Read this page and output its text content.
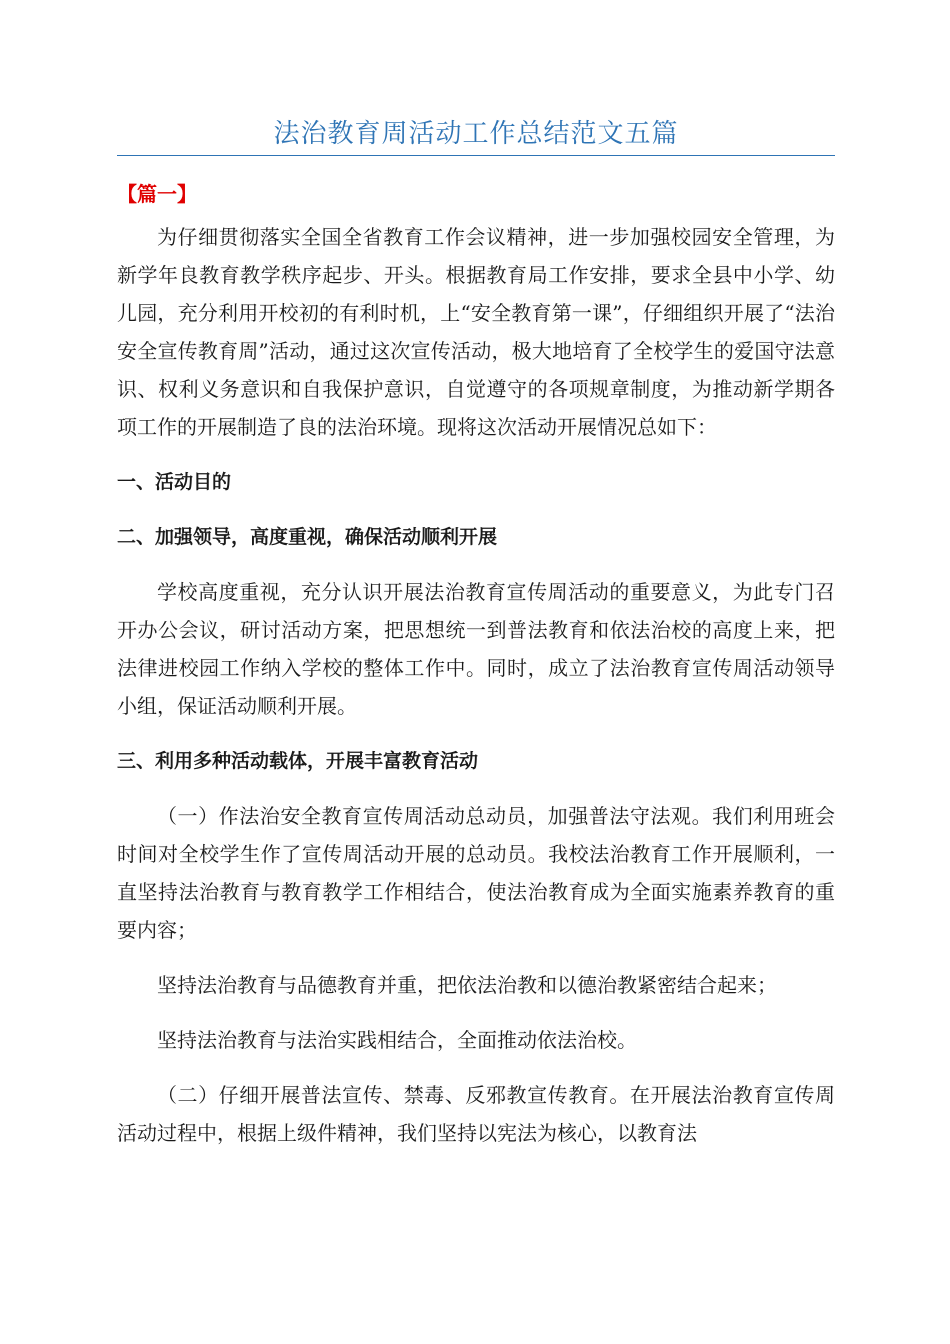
法治教育周活动工作总结范文五篇
【篇一】

为仔细贯彻落实全国全省教育工作会议精神，进一步加强校园安全管理，为新学年良教育教学秩序起步、开头。根据教育局工作安排，要求全县中小学、幼儿园，充分利用开校初的有利时机，上“安全教育第一课”，仔细组织开展了“法治安全宣传教育周”活动，通过这次宣传活动，极大地培育了全校学生的爱国守法意识、权利义务意识和自我保护意识，自觉遵守的各项规章制度，为推动新学期各项工作的开展制造了良的法治环境。现将这次活动开展情况总如下：

一、活动目的
二、加强领导，高度重视，确保活动顺利开展

学校高度重视，充分认识开展法治教育宣传周活动的重要意义，为此专门召开办公会议，研讨活动方案，把思想统一到普法教育和依法治校的高度上来，把法律进校园工作纳入学校的整体工作中。同时，成立了法治教育宣传周活动领导小组，保证活动顺利开展。

三、利用多种活动载体，开展丰富教育活动

（一）作法治安全教育宣传周活动总动员，加强普法守法观。我们利用班会时间对全校学生作了宣传周活动开展的总动员。我校法治教育工作开展顺利，一直坚持法治教育与教育教学工作相结合，使法治教育成为全面实施素养教育的重要内容；

坚持法治教育与品德教育并重，把依法治教和以德治教紧密结合起来；

坚持法治教育与法治实践相结合，全面推动依法治校。

（二）仔细开展普法宣传、禁毒、反邪教宣传教育。在开展法治教育宣传周活动过程中，根据上级件精神，我们坚持以宪法为核心，以教育法
